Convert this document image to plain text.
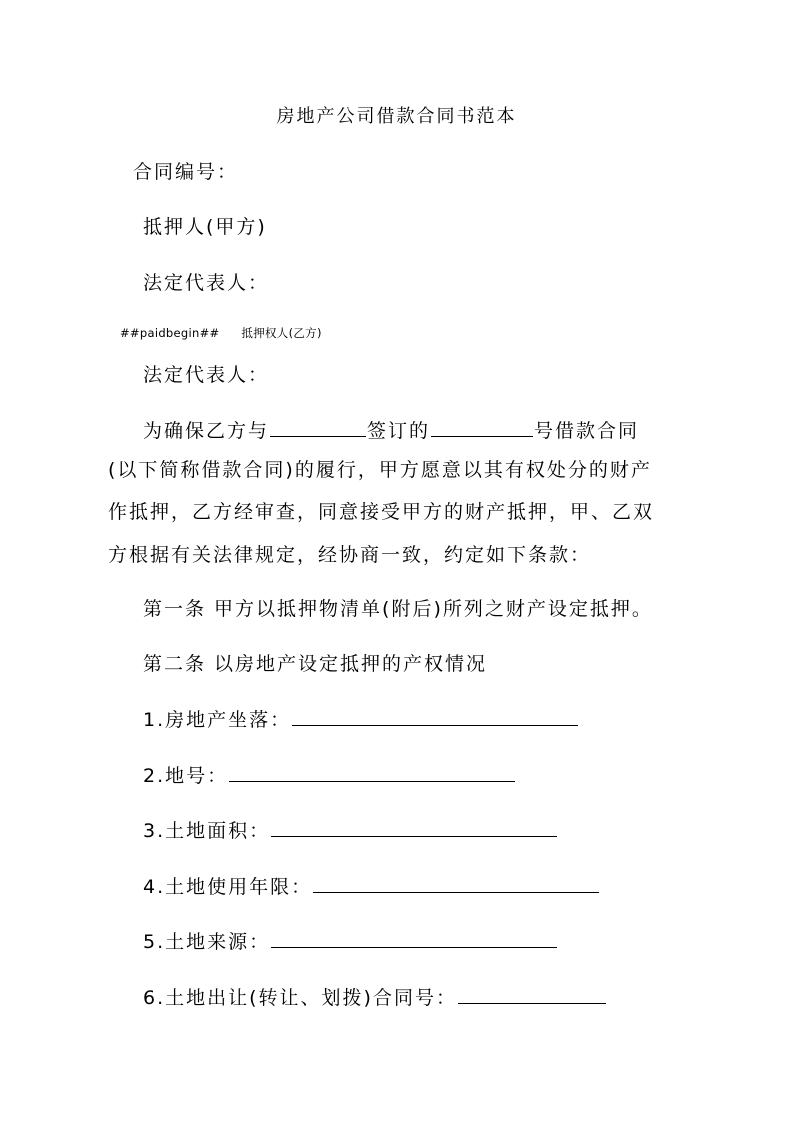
房地产公司借款合同书范本
合同编号：
抵押人(甲方)
法定代表人：
##paidbegin## 抵押权人(乙方)
法定代表人：
为确保乙方与	签订的	号借款合同
(以下简称借款合同)的履行，甲方愿意以其有权处分的财产
作抵押，乙方经审查，同意接受甲方的财产抵押，甲、乙双
方根据有关法律规定，经协商一致，约定如下条款：
第一条 甲方以抵押物清单(附后)所列之财产设定抵押。
第二条 以房地产设定抵押的产权情况
1.房地产坐落：
2.地号：
3.土地面积：
4.土地使用年限：
5.土地来源：
6.土地出让(转让、划拨)合同号：
